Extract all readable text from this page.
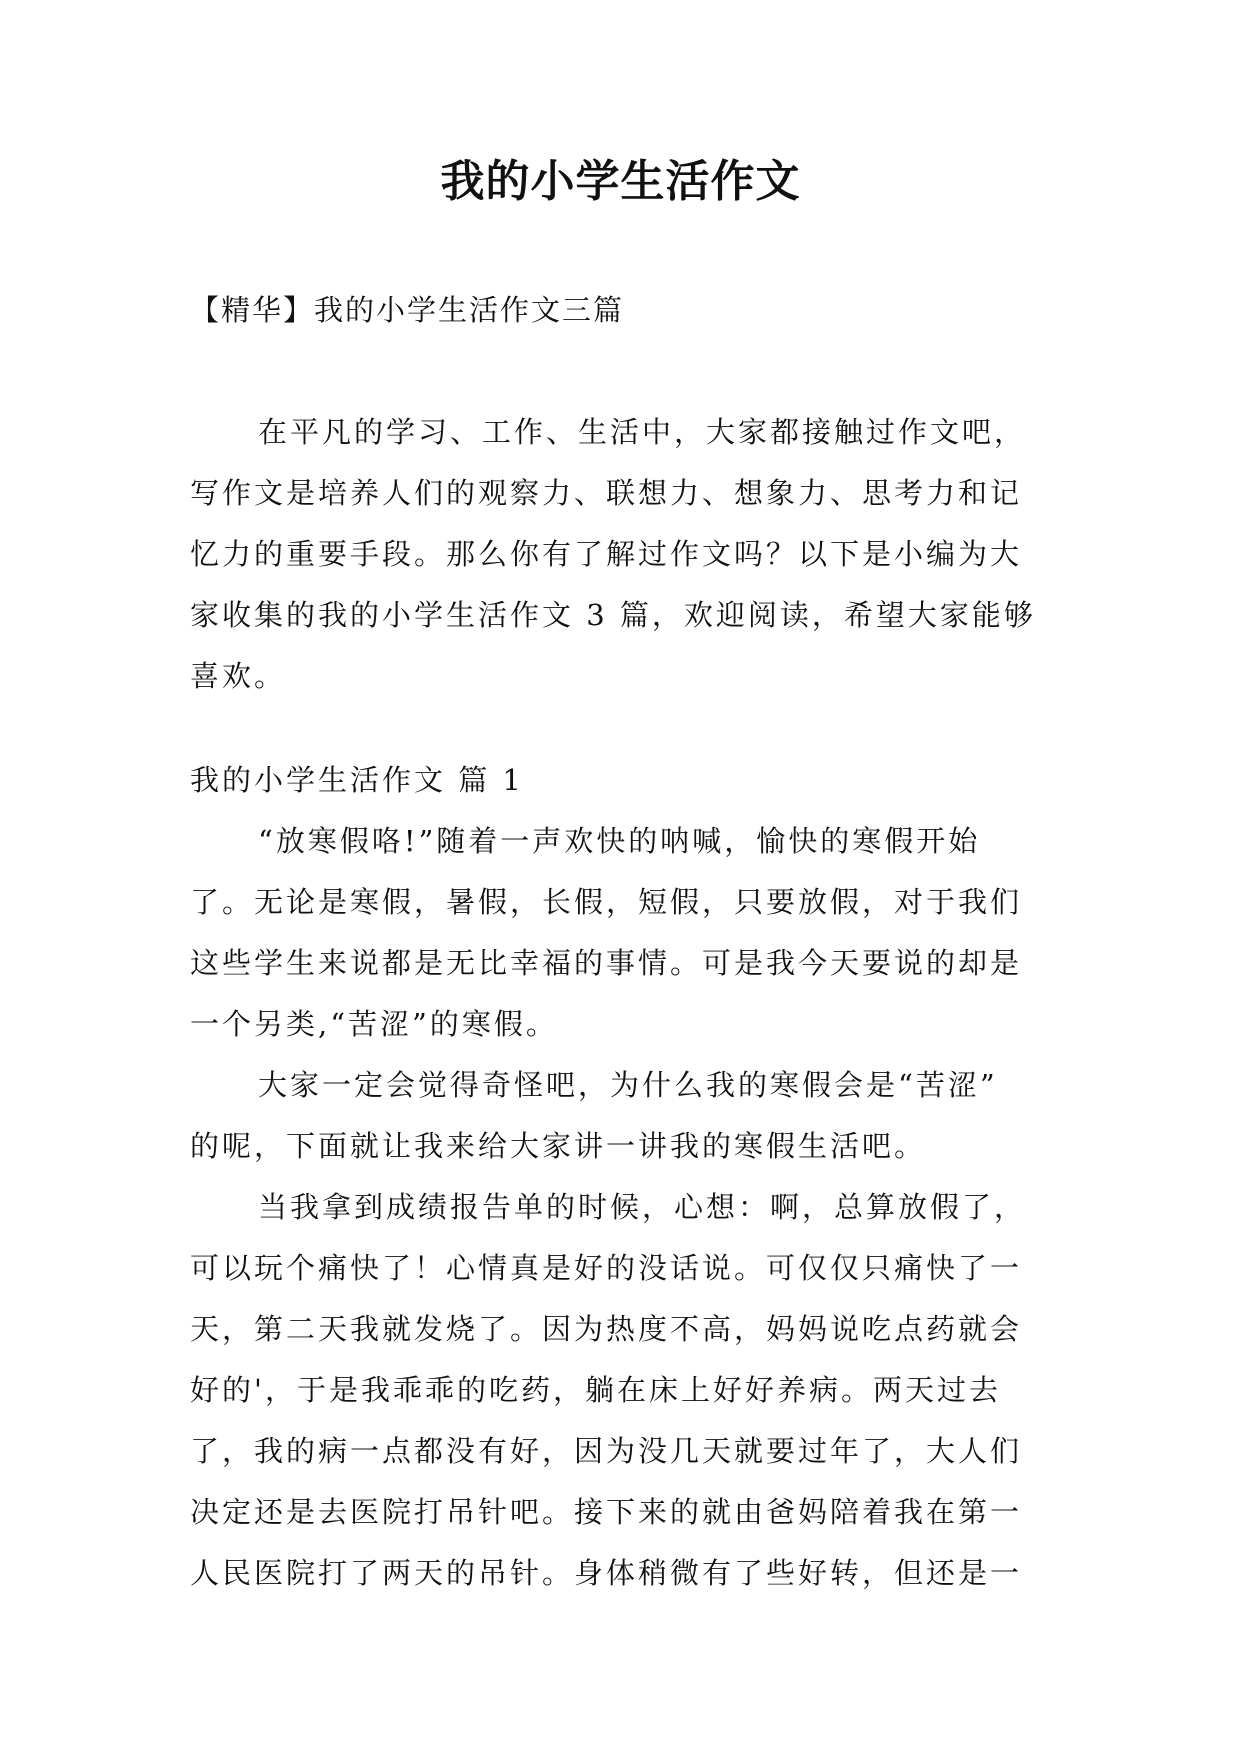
我的小学生活作文
【精华】我的小学生活作文三篇
在平凡的学习、工作、生活中，大家都接触过作文吧，
写作文是培养人们的观察力、联想力、想象力、思考力和记
忆力的重要手段。那么你有了解过作文吗？以下是小编为大
家收集的我的小学生活作文 3 篇，欢迎阅读，希望大家能够
喜欢。
我的小学生活作文 篇 1
“放寒假咯!”随着一声欢快的呐喊，愉快的寒假开始
了。无论是寒假，暑假，长假，短假，只要放假，对于我们
这些学生来说都是无比幸福的事情。可是我今天要说的却是
一个另类,“苦涩”的寒假。
大家一定会觉得奇怪吧，为什么我的寒假会是“苦涩”
的呢，下面就让我来给大家讲一讲我的寒假生活吧。
当我拿到成绩报告单的时候，心想：啊，总算放假了，
可以玩个痛快了！心情真是好的没话说。可仅仅只痛快了一
天，第二天我就发烧了。因为热度不高，妈妈说吃点药就会
好的'，于是我乖乖的吃药，躺在床上好好养病。两天过去
了，我的病一点都没有好，因为没几天就要过年了，大人们
决定还是去医院打吊针吧。接下来的就由爸妈陪着我在第一
人民医院打了两天的吊针。身体稍微有了些好转，但还是一
